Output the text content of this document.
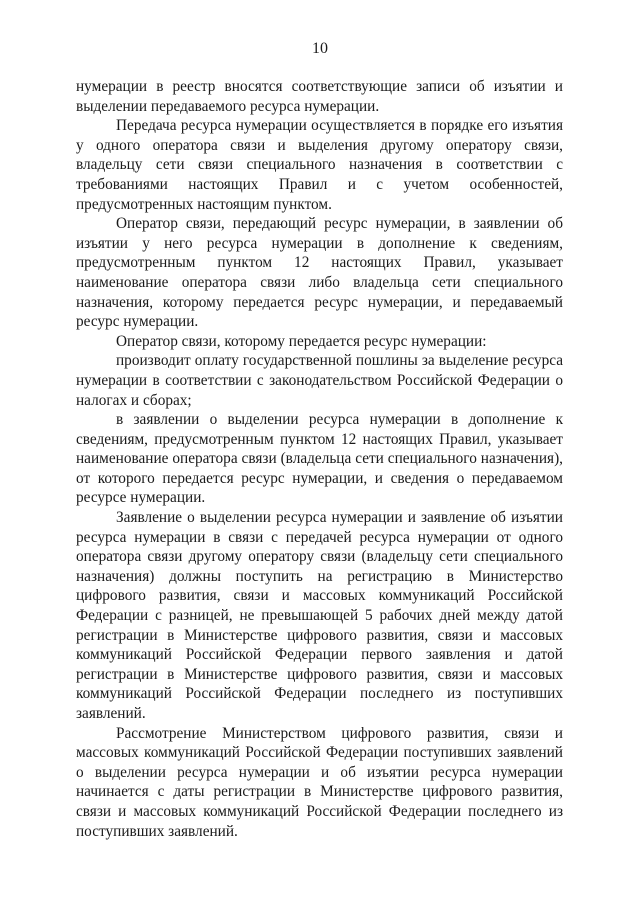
10

нумерации в реестр вносятся соответствующие записи об изъятии и выделении передаваемого ресурса нумерации.

Передача ресурса нумерации осуществляется в порядке его изъятия у одного оператора связи и выделения другому оператору связи, владельцу сети связи специального назначения в соответствии с требованиями настоящих Правил и с учетом особенностей, предусмотренных настоящим пунктом.

Оператор связи, передающий ресурс нумерации, в заявлении об изъятии у него ресурса нумерации в дополнение к сведениям, предусмотренным пунктом 12 настоящих Правил, указывает наименование оператора связи либо владельца сети специального назначения, которому передается ресурс нумерации, и передаваемый ресурс нумерации.

Оператор связи, которому передается ресурс нумерации:

производит оплату государственной пошлины за выделение ресурса нумерации в соответствии с законодательством Российской Федерации о налогах и сборах;

в заявлении о выделении ресурса нумерации в дополнение к сведениям, предусмотренным пунктом 12 настоящих Правил, указывает наименование оператора связи (владельца сети специального назначения), от которого передается ресурс нумерации, и сведения о передаваемом ресурсе нумерации.

Заявление о выделении ресурса нумерации и заявление об изъятии ресурса нумерации в связи с передачей ресурса нумерации от одного оператора связи другому оператору связи (владельцу сети специального назначения) должны поступить на регистрацию в Министерство цифрового развития, связи и массовых коммуникаций Российской Федерации с разницей, не превышающей 5 рабочих дней между датой регистрации в Министерстве цифрового развития, связи и массовых коммуникаций Российской Федерации первого заявления и датой регистрации в Министерстве цифрового развития, связи и массовых коммуникаций Российской Федерации последнего из поступивших заявлений.

Рассмотрение Министерством цифрового развития, связи и массовых коммуникаций Российской Федерации поступивших заявлений о выделении ресурса нумерации и об изъятии ресурса нумерации начинается с даты регистрации в Министерстве цифрового развития, связи и массовых коммуникаций Российской Федерации последнего из поступивших заявлений.
